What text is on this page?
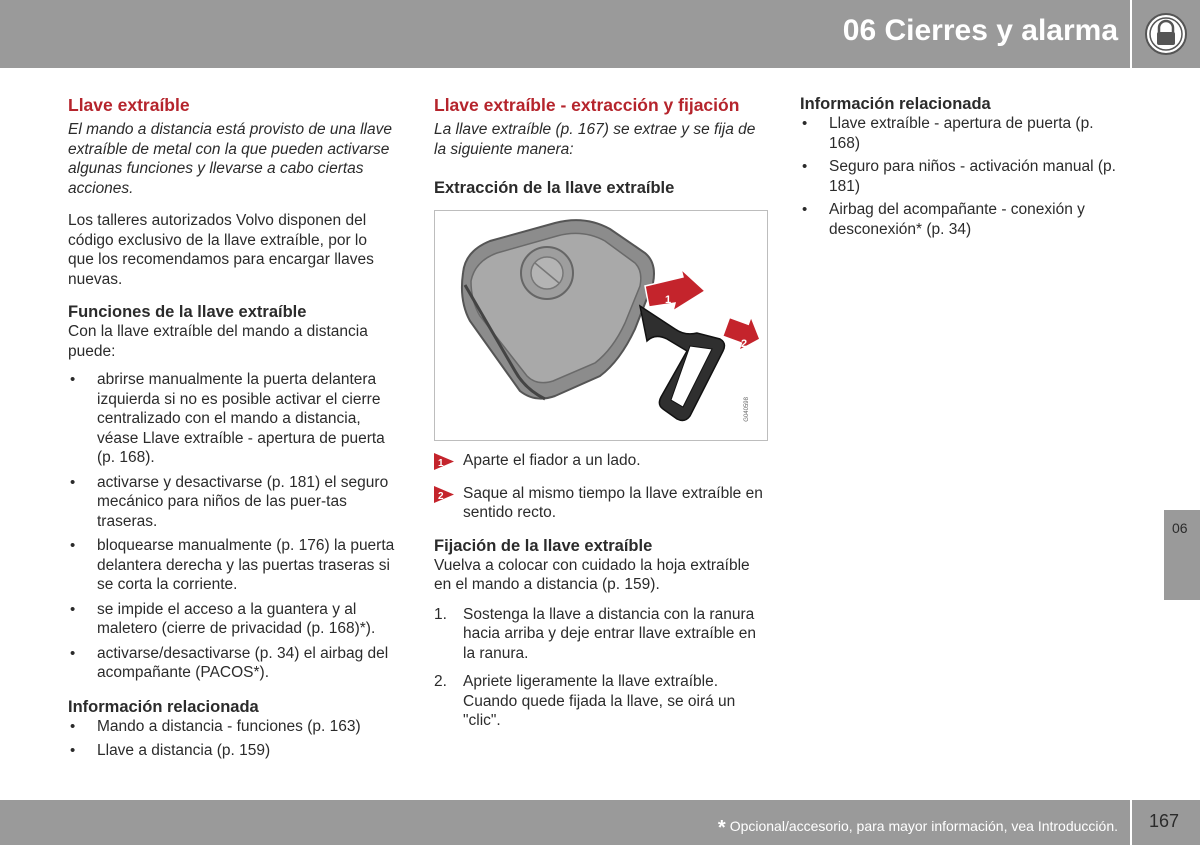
06 Cierres y alarma
Llave extraíble

El mando a distancia está provisto de una llave extraíble de metal con la que pueden activarse algunas funciones y llevarse a cabo ciertas acciones.

Los talleres autorizados Volvo disponen del código exclusivo de la llave extraíble, por lo que los recomendamos para encargar llaves nuevas.

Funciones de la llave extraíble

Con la llave extraíble del mando a distancia puede:

• abrirse manualmente la puerta delantera izquierda si no es posible activar el cierre centralizado con el mando a distancia, véase Llave extraíble - apertura de puerta (p. 168).
• activarse y desactivarse (p. 181) el seguro mecánico para niños de las puer-tas traseras.
• bloquearse manualmente (p. 176) la puerta delantera derecha y las puertas traseras si se corta la corriente.
• se impide el acceso a la guantera y al maletero (cierre de privacidad (p. 168)*).
• activarse/desactivarse (p. 34) el airbag del acompañante (PACOS*).
Información relacionada
• Mando a distancia - funciones (p. 163)
• Llave a distancia (p. 159)
Llave extraíble - extracción y fijación

La llave extraíble (p. 167) se extrae y se fija de la siguiente manera:

Extracción de la llave extraíble
1
2
G040598
1 Aparte el fiador a un lado.
2 Saque al mismo tiempo la llave extraíble en sentido recto.
Fijación de la llave extraíble

Vuelva a colocar con cuidado la hoja extraíble en el mando a distancia (p. 159).

1. Sostenga la llave a distancia con la ranura hacia arriba y deje entrar llave extraíble en la ranura.
2. Apriete ligeramente la llave extraíble. Cuando quede fijada la llave, se oirá un "clic".
Información relacionada
• Llave extraíble - apertura de puerta (p. 168)
• Seguro para niños - activación manual (p. 181)
• Airbag del acompañante - conexión y desconexión* (p. 34)
06
* Opcional/accesorio, para mayor información, vea Introducción. 167
